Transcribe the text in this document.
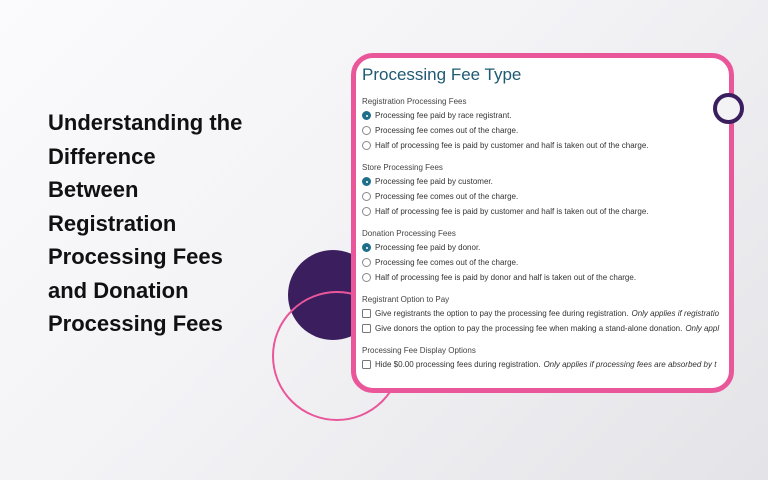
Understanding the
Difference
Between
Registration
Processing Fees
and Donation
Processing Fees
Processing Fee Type
Registration Processing Fees
Processing fee paid by race registrant.
Processing fee comes out of the charge.
Half of processing fee is paid by customer and half is taken out of the charge.
Store Processing Fees
Processing fee paid by customer.
Processing fee comes out of the charge.
Half of processing fee is paid by customer and half is taken out of the charge.
Donation Processing Fees
Processing fee paid by donor.
Processing fee comes out of the charge.
Half of processing fee is paid by donor and half is taken out of the charge.
Registrant Option to Pay
Give registrants the option to pay the processing fee during registration. Only applies if registratio
Give donors the option to pay the processing fee when making a stand-alone donation. Only appl
Processing Fee Display Options
Hide $0.00 processing fees during registration. Only applies if processing fees are absorbed by t
